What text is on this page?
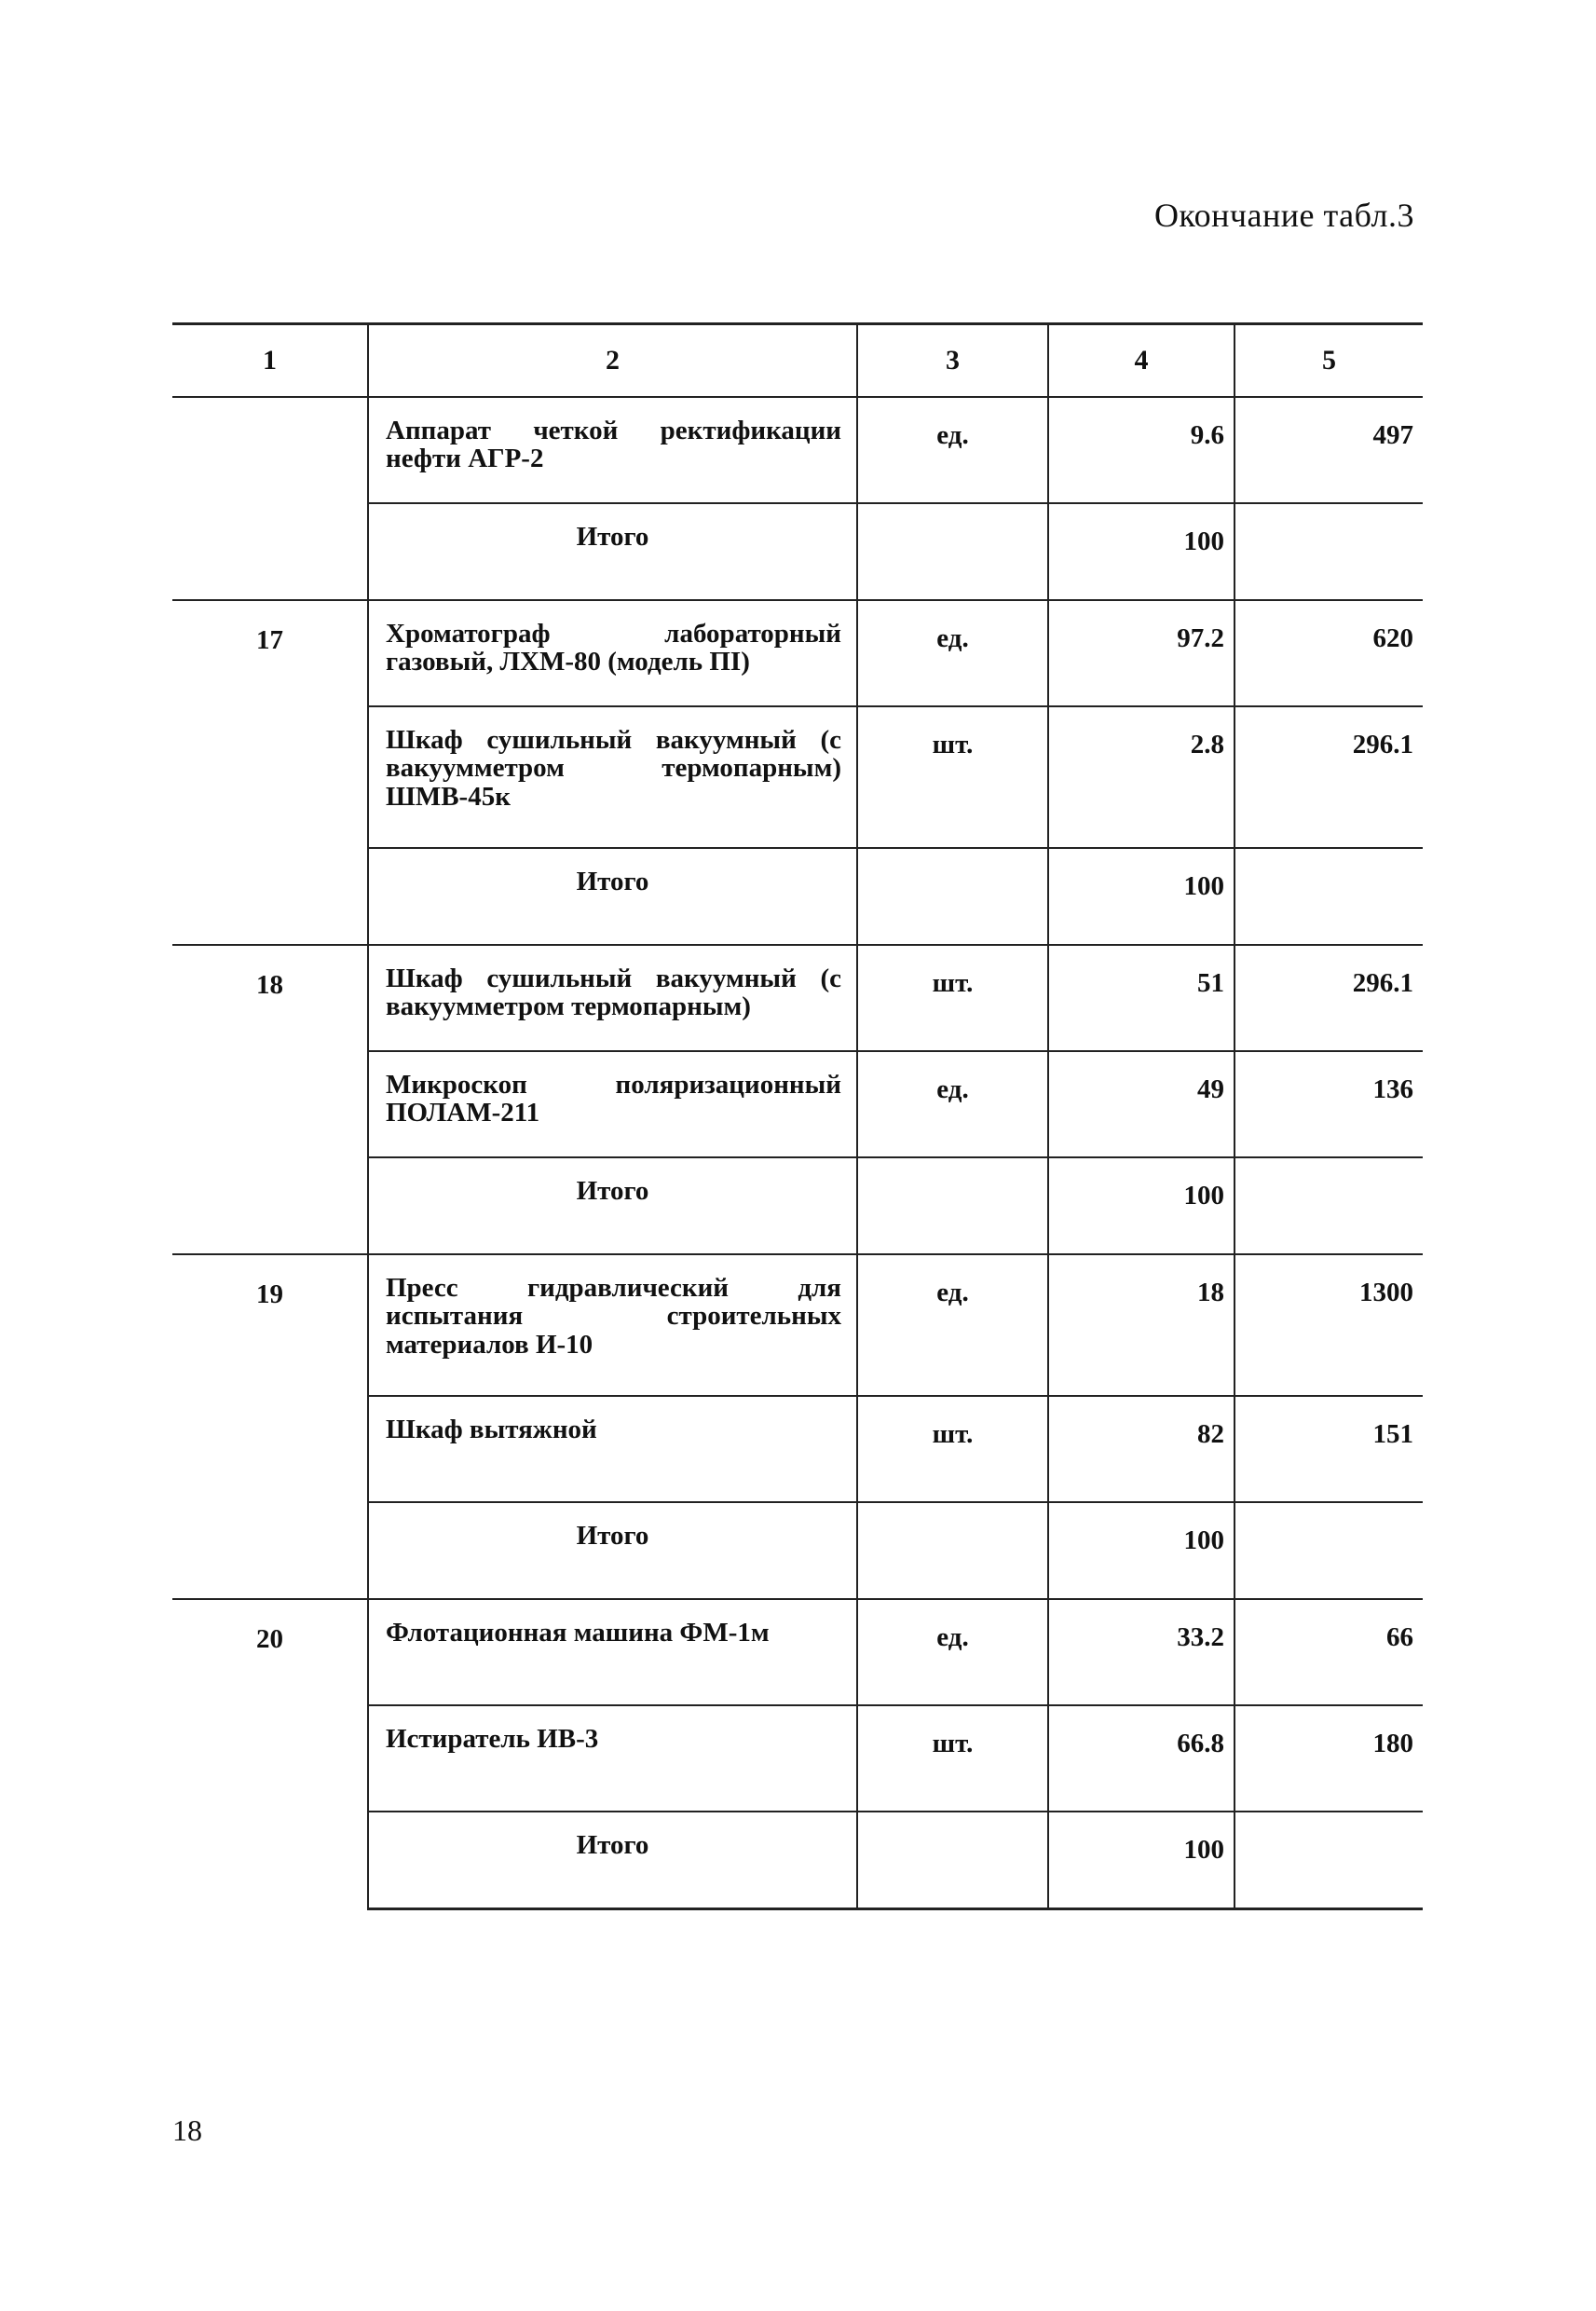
Окончание табл.3
1	2	3	4	5
	Аппарат четкой ректификации нефти АГР-2	ед.	9.6	497
	Итого		100	
17	Хроматограф лабораторный газовый, ЛХМ-80 (модель ПI)	ед.	97.2	620
	Шкаф сушильный вакуумный (с вакуумметром термопарным) ШМВ-45к	шт.	2.8	296.1
	Итого		100	
18	Шкаф сушильный вакуумный (с вакуумметром термопарным)	шт.	51	296.1
	Микроскоп поляризационный ПОЛАМ-211	ед.	49	136
	Итого		100	
19	Пресс гидравлический для испытания строительных материалов И-10	ед.	18	1300
	Шкаф вытяжной	шт.	82	151
	Итого		100	
20	Флотационная машина ФМ-1м	ед.	33.2	66
	Истиратель ИВ-3	шт.	66.8	180
	Итого		100	
18
